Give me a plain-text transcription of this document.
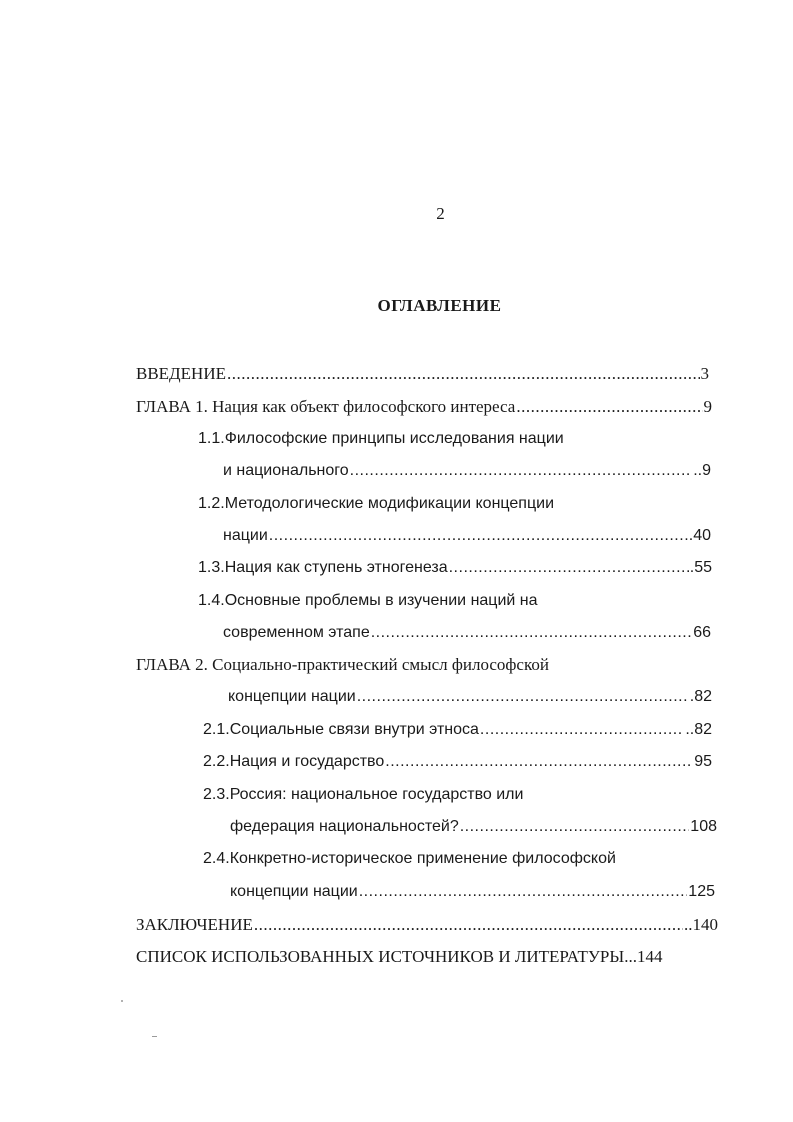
2
ОГЛАВЛЕНИЕ
ВВЕДЕНИЕ .....	3
ГЛАВА 1. Нация как объект философского интереса .....	9
1.1.Философские принципы исследования нации
и национального .....	..9
1.2.Методологические модификации концепции
нации .....	.40
1.3.Нация как ступень этногенеза .....	.55
1.4.Основные проблемы в изучении наций на
современном этапе .....	66
ГЛАВА 2. Социально-практический смысл философской
концепции нации .....	.82
2.1.Социальные связи внутри этноса .....	..82
2.2.Нация и государство .....	95
2.3.Россия: национальное государство или
федерация национальностей? .....	108
2.4.Конкретно-историческое применение философской
концепции нации .....	125
ЗАКЛЮЧЕНИЕ .....	..140
СПИСОК ИСПОЛЬЗОВАННЫХ ИСТОЧНИКОВ И ЛИТЕРАТУРЫ ...144
